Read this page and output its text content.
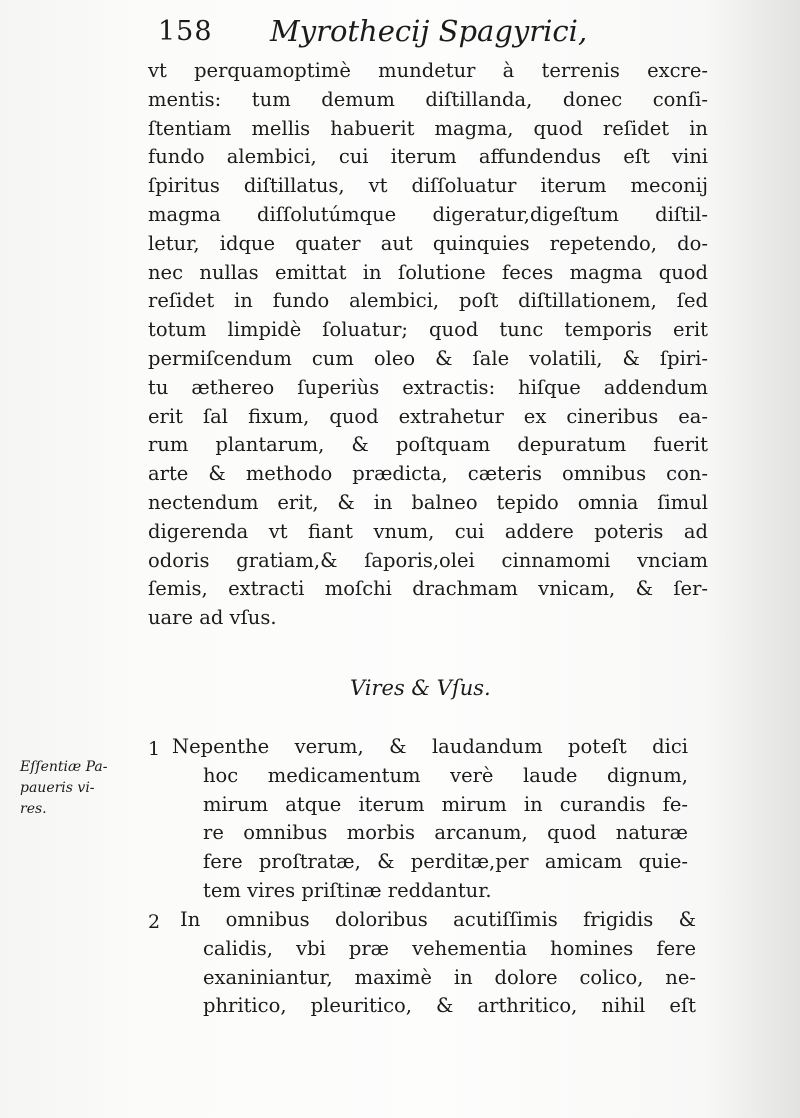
158 Myrothecij Spagyrici,
vt perquamoptimè mundetur à terrenis excre-
mentis: tum demum diſtillanda, donec conſi-
ſtentiam mellis habuerit magma, quod reſidet in
fundo alembici, cui iterum affundendus eſt vini
ſpiritus diſtillatus, vt diſſoluatur iterum meconij
magma diſſolutúmque digeratur,digeſtum diſtil-
letur, idque quater aut quinquies repetendo, do-
nec nullas emittat in ſolutione feces magma quod
reſidet in fundo alembici, poſt diſtillationem, ſed
totum limpidè ſoluatur; quod tunc temporis erit
permiſcendum cum oleo & ſale volatili, & ſpiri-
tu æthereo ſuperiùs extractis: hiſque addendum
erit ſal fixum, quod extrahetur ex cineribus ea-
rum plantarum, & poſtquam depuratum fuerit
arte & methodo prædicta, cæteris omnibus con-
nectendum erit, & in balneo tepido omnia ſimul
digerenda vt fiant vnum, cui addere poteris ad
odoris gratiam,& ſaporis,olei cinnamomi vnciam
ſemis, extracti moſchi drachmam vnicam, & ſer-
uare ad vſus.
Vires & Vſus.
Eſſentiæ Pa-
paueris vi-
res.
1 Nepenthe verum, & laudandum poteſt dici
hoc medicamentum verè laude dignum,
mirum atque iterum mirum in curandis fe-
re omnibus morbis arcanum, quod naturæ
fere proſtratæ, & perditæ,per amicam quie-
tem vires priſtinæ reddantur.
2 In omnibus doloribus acutiſſimis frigidis &
calidis, vbi præ vehementia homines fere
exaniniantur, maximè in dolore colico, ne-
phritico, pleuritico, & arthritico, nihil eſt
